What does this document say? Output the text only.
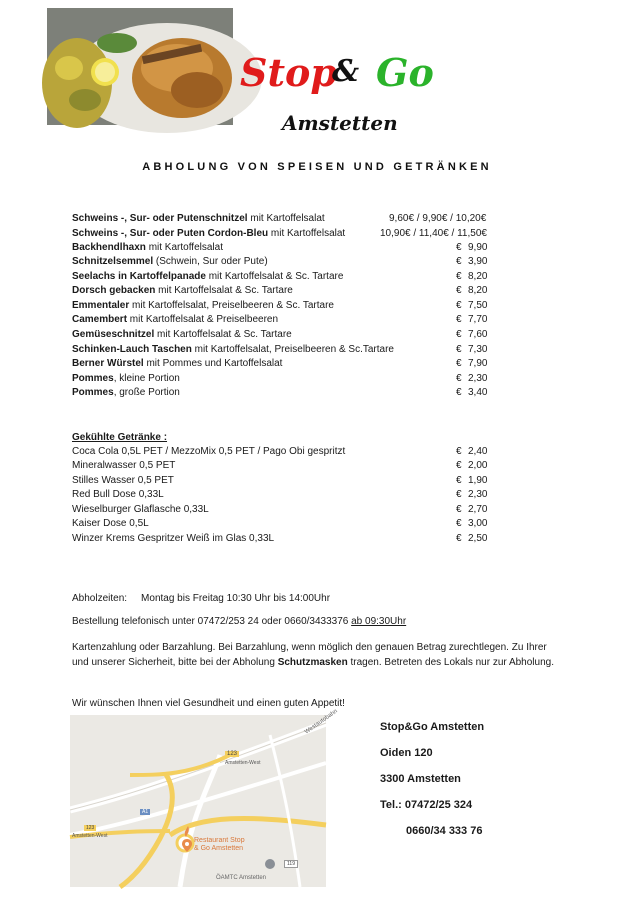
Stop
& Go
Amstetten
ABHOLUNG VON SPEISEN UND GETRÄNKEN
Schweins -, Sur- oder Putenschnitzel mit Kartoffelsalat	9,60€ / 9,90€ / 10,20€
Schweins -, Sur- oder Puten Cordon-Bleu mit Kartoffelsalat	10,90€ / 11,40€ / 11,50€
Backhendlhaxn mit Kartoffelsalat	€ 9,90
Schnitzelsemmel (Schwein, Sur oder Pute)	€ 3,90
Seelachs in Kartoffelpanade mit Kartoffelsalat & Sc. Tartare	€ 8,20
Dorsch gebacken mit Kartoffelsalat & Sc. Tartare	€ 8,20
Emmentaler mit Kartoffelsalat, Preiselbeeren & Sc. Tartare	€ 7,50
Camembert mit Kartoffelsalat & Preiselbeeren	€ 7,70
Gemüseschnitzel mit Kartoffelsalat & Sc. Tartare	€ 7,60
Schinken-Lauch Taschen mit Kartoffelsalat, Preiselbeeren & Sc.Tartare	€ 7,30
Berner Würstel mit Pommes und Kartoffelsalat	€ 7,90
Pommes, kleine Portion	€ 2,30
Pommes, große Portion	€ 3,40
Gekühlte Getränke :
Coca Cola 0,5L PET / MezzoMix 0,5 PET / Pago Obi gespritzt	€ 2,40
Mineralwasser 0,5 PET	€ 2,00
Stilles Wasser 0,5 PET	€ 1,90
Red Bull Dose 0,33L	€ 2,30
Wieselburger Glaflasche 0,33L	€ 2,70
Kaiser Dose 0,5L	€ 3,00
Winzer Krems Gespritzer Weiß im Glas 0,33L	€ 2,50
Abholzeiten: Montag bis Freitag 10:30 Uhr bis 14:00Uhr
Bestellung telefonisch unter 07472/253 24 oder 0660/3433376 ab 09:30Uhr
Kartenzahlung oder Barzahlung. Bei Barzahlung, wenn möglich den genauen Betrag zurechtlegen. Zu Ihrer und unserer Sicherheit, bitte bei der Abholung Schutzmasken tragen. Betreten des Lokals nur zur Abholung.
Wir wünschen Ihnen viel Gesundheit und einen guten Appetit!
Westautobahn
123
Amstetten-West
A1
123
Amstetten-West
Restaurant Stop
& Go Amstetten
119
ÖAMTC Amstetten
Stop&Go Amstetten
Oiden 120
3300 Amstetten
Tel.: 07472/25 324
0660/34 333 76
